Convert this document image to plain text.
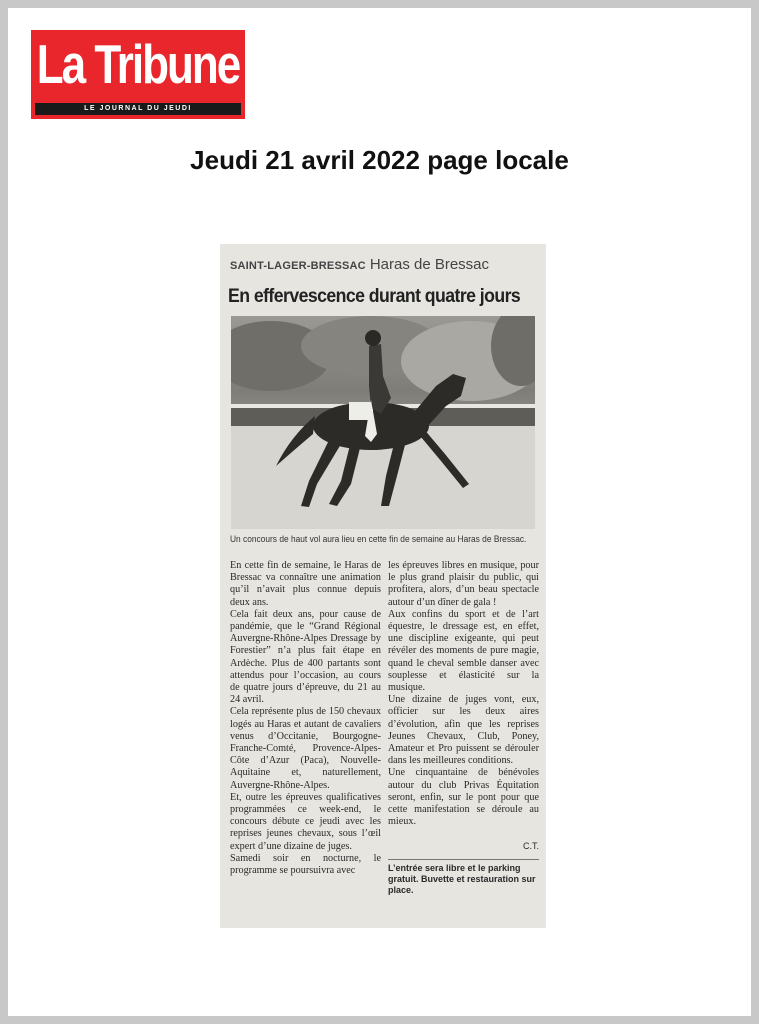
La Tribune
LE JOURNAL DU JEUDI
Jeudi 21 avril 2022 page locale
SAINT-LAGER-BRESSAC Haras de Bressac
En effervescence durant quatre jours
Un concours de haut vol aura lieu en cette fin de semaine au Haras de Bressac.

En cette fin de semaine, le Haras de Bressac va connaître une animation qu’il n’avait plus connue depuis deux ans.

Cela fait deux ans, pour cause de pandémie, que le “Grand Régional Auvergne-Rhône-Alpes Dressage by Forestier” n’a plus fait étape en Ardèche. Plus de 400 partants sont attendus pour l’occasion, au cours de quatre jours d’épreuve, du 21 au 24 avril.

Cela représente plus de 150 chevaux logés au Haras et autant de cavaliers venus d’Occitanie, Bourgogne-Franche-Comté, Provence-Alpes-Côte d’Azur (Paca), Nouvelle-Aquitaine et, naturellement, Auvergne-Rhône-Alpes.

Et, outre les épreuves qualificatives programmées ce week-end, le concours débute ce jeudi avec les reprises jeunes chevaux, sous l’œil expert d’une dizaine de juges.

Samedi soir en nocturne, le programme se poursuivra avec

les épreuves libres en musique, pour le plus grand plaisir du public, qui profitera, alors, d’un beau spectacle autour d’un dîner de gala !

Aux confins du sport et de l’art équestre, le dressage est, en effet, une discipline exigeante, qui peut révéler des moments de pure magie, quand le cheval semble danser avec souplesse et élasticité sur la musique.

Une dizaine de juges vont, eux, officier sur les deux aires d’évolution, afin que les reprises Jeunes Chevaux, Club, Poney, Amateur et Pro puissent se dérouler dans les meilleures conditions.

Une cinquantaine de bénévoles autour du club Privas Équitation seront, enfin, sur le pont pour que cette manifestation se déroule au mieux.

C.T.
L’entrée sera libre et le parking gratuit. Buvette et restauration sur place.
